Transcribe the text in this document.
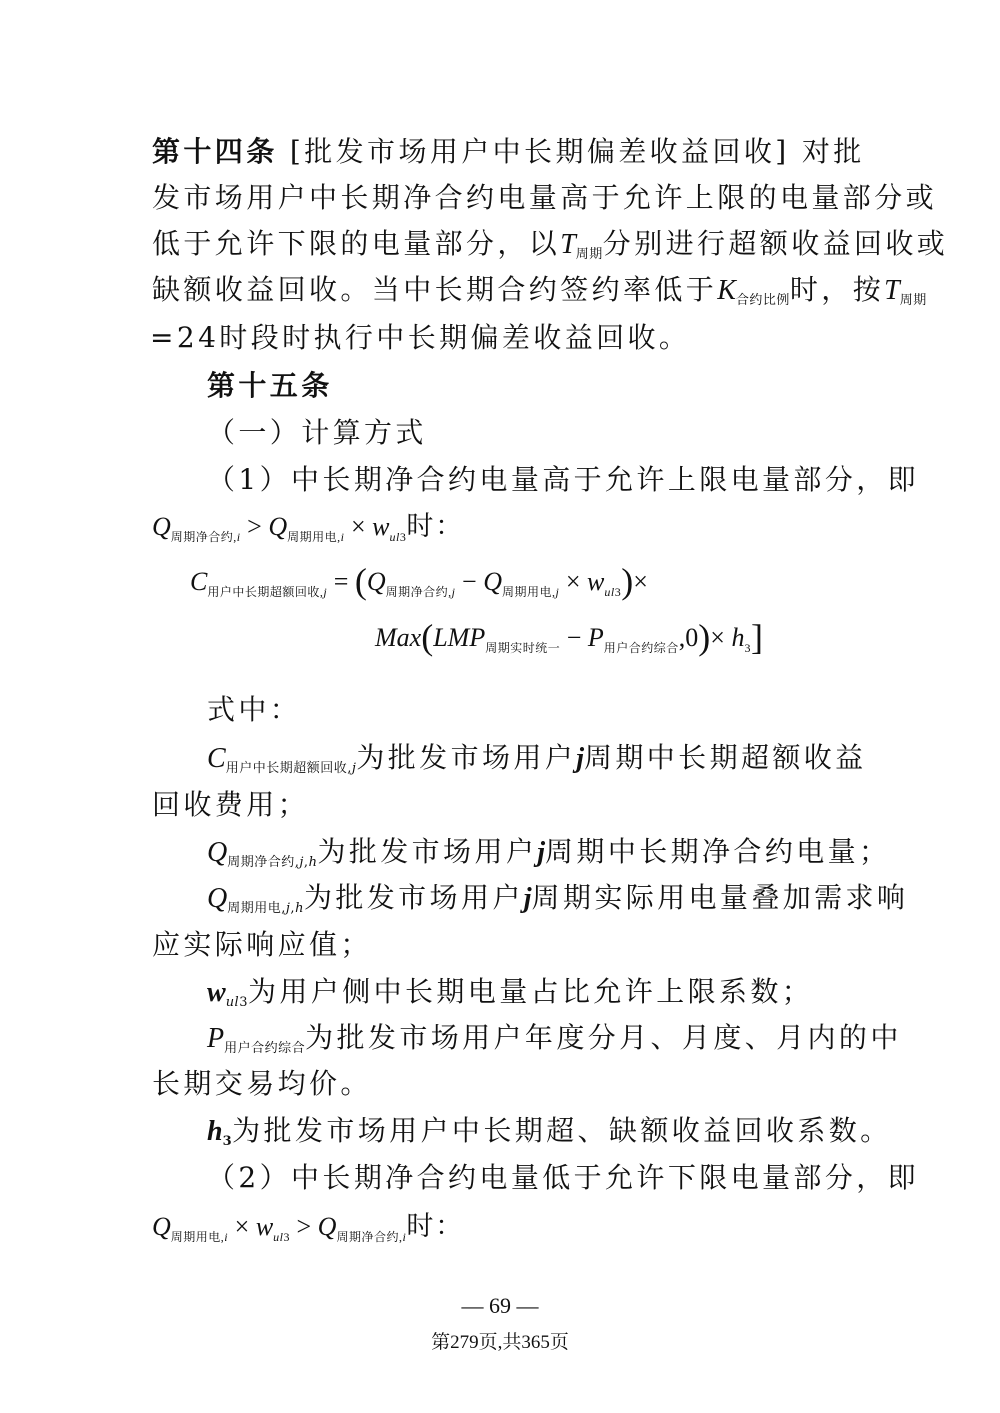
第十四条 [批发市场用户中长期偏差收益回收] 对批
发市场用户中长期净合约电量高于允许上限的电量部分或
低于允许下限的电量部分，以$T_{周期}$分别进行超额收益回收或
缺额收益回收。当中长期合约签约率低于$K_{合约比例}$时，按$T_{周期}$
=24时段时执行中长期偏差收益回收。
第十五条
（一）计算方式
（1）中长期净合约电量高于允许上限电量部分，即
$Q_{周期净合约,i} > Q_{周期用电,i} \times w_{ul3}$时：
$C_{用户中长期超额回收,j} = (Q_{周期净合约,j} - Q_{周期用电,j} \times w_{ul3})\times$
$Max(LMP_{周期实时统一} - P_{用户合约综合},0)\times h_3$]
式中：
$C_{用户中长期超额回收,j}$为批发市场用户j周期中长期超额收益
回收费用；
$Q_{周期净合约,j,h}$为批发市场用户j周期中长期净合约电量；
$Q_{周期用电,j,h}$为批发市场用户j周期实际用电量叠加需求响
应实际响应值；
$w_{ul3}$为用户侧中长期电量占比允许上限系数；
$P_{用户合约综合}$为批发市场用户年度分月、月度、月内的中
长期交易均价。
$h_3$为批发市场用户中长期超、缺额收益回收系数。
（2）中长期净合约电量低于允许下限电量部分，即
$Q_{周期用电,i} \times w_{ul3} > Q_{周期净合约,i}$时：
— 69 —
第279页,共365页
